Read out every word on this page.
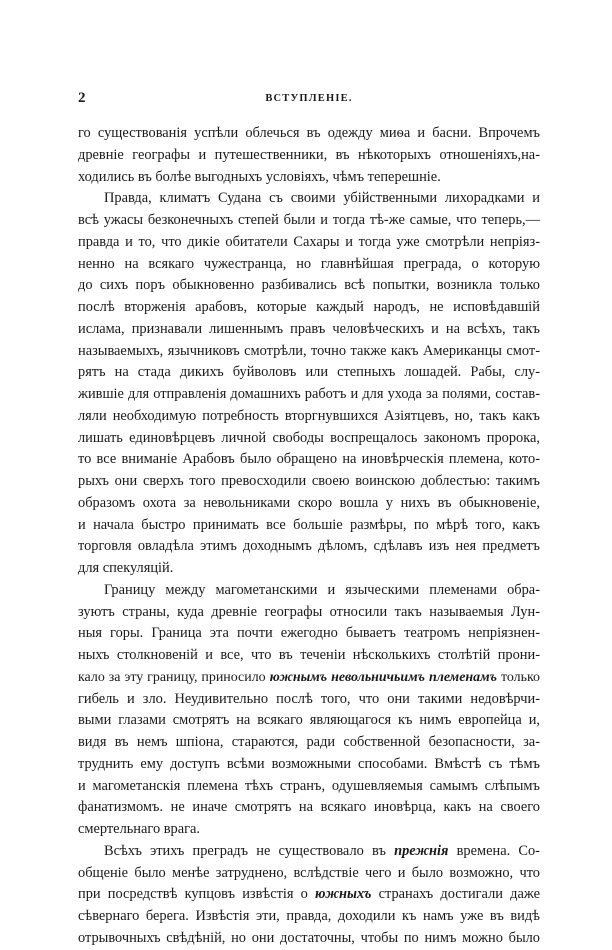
2	ВСТУПЛЕНІЕ.
го существованія успѣли облечься въ одежду миѳа и басни. Впрочемъ
древніе географы и путешественники, въ нѣкоторыхъ отношеніяхъ,на-
ходились въ болѣе выгодныхъ условіяхъ, чѣмъ теперешніе.
Правда, климатъ Судана съ своими убійственными лихорадками и
всѣ ужасы безконечныхъ степей были и тогда тѣ-же самые, что теперь,—
правда и то, что дикіе обитатели Сахары и тогда уже смотрѣли непріяз-
ненно на всякаго чужестранца, но главнѣйшая преграда, о которую
до сихъ поръ обыкновенно разбивались всѣ попытки, возникла только
послѣ вторженія арабовъ, которые каждый народъ, не исповѣдавшій
ислама, признавали лишеннымъ правъ человѣческихъ и на всѣхъ, такъ
называемыхъ, язычниковъ смотрѣли, точно также какъ Американцы смот-
рятъ на стада дикихъ буйволовъ или степныхъ лошадей. Рабы, слу-
жившіе для отправленія домашнихъ работъ и для ухода за полями, состав-
ляли необходимую потребность вторгнувшихся Азіятцевъ, но, такъ какъ
лишать единовѣрцевъ личной свободы воспрещалось закономъ пророка,
то все вниманіе Арабовъ было обращено на иновѣрческія племена, кото-
рыхъ они сверхъ того превосходили своею воинскою доблестью: такимъ
образомъ охота за невольниками скоро вошла у нихъ въ обыкновеніе,
и начала быстро принимать все большіе размѣры, по мѣрѣ того, какъ
торговля овладѣла этимъ доходнымъ дѣломъ, сдѣлавъ изъ нея предметъ
для спекуляцій.
Границу между магометанскими и языческими племенами обра-
зуютъ страны, куда древніе географы относили такъ называемыя Лун-
ныя горы. Граница эта почти ежегодно бываетъ театромъ непріязнен-
ныхъ столкновеній и все, что въ теченіи нѣсколькихъ столѣтій прони-
кало за эту границу, приносило южнымъ невольничьимъ племенамъ только
гибель и зло. Неудивительно послѣ того, что они такими недовѣрчи-
выми глазами смотрятъ на всякаго являющагося къ нимъ европейца и,
видя въ немъ шпіона, стараются, ради собственной безопасности, за-
труднить ему доступъ всѣми возможными способами. Вмѣстѣ съ тѣмъ
и магометанскія племена тѣхъ странъ, одушевляемыя самымъ слѣпымъ
фанатизмомъ. не иначе смотрятъ на всякаго иновѣрца, какъ на своего
смертельнаго врага.
Всѣхъ этихъ преградъ не существовало въ прежнія времена. Со-
общеніе было менѣе затруднено, вслѣдствіе чего и было возможно, что
при посредствѣ купцовъ извѣстія о южныхъ странахъ достигали даже
сѣвернаго берега. Извѣстія эти, правда, доходили къ намъ уже въ видѣ
отрывочныхъ свѣдѣній, но они достаточны, чтобы по нимъ можно было
